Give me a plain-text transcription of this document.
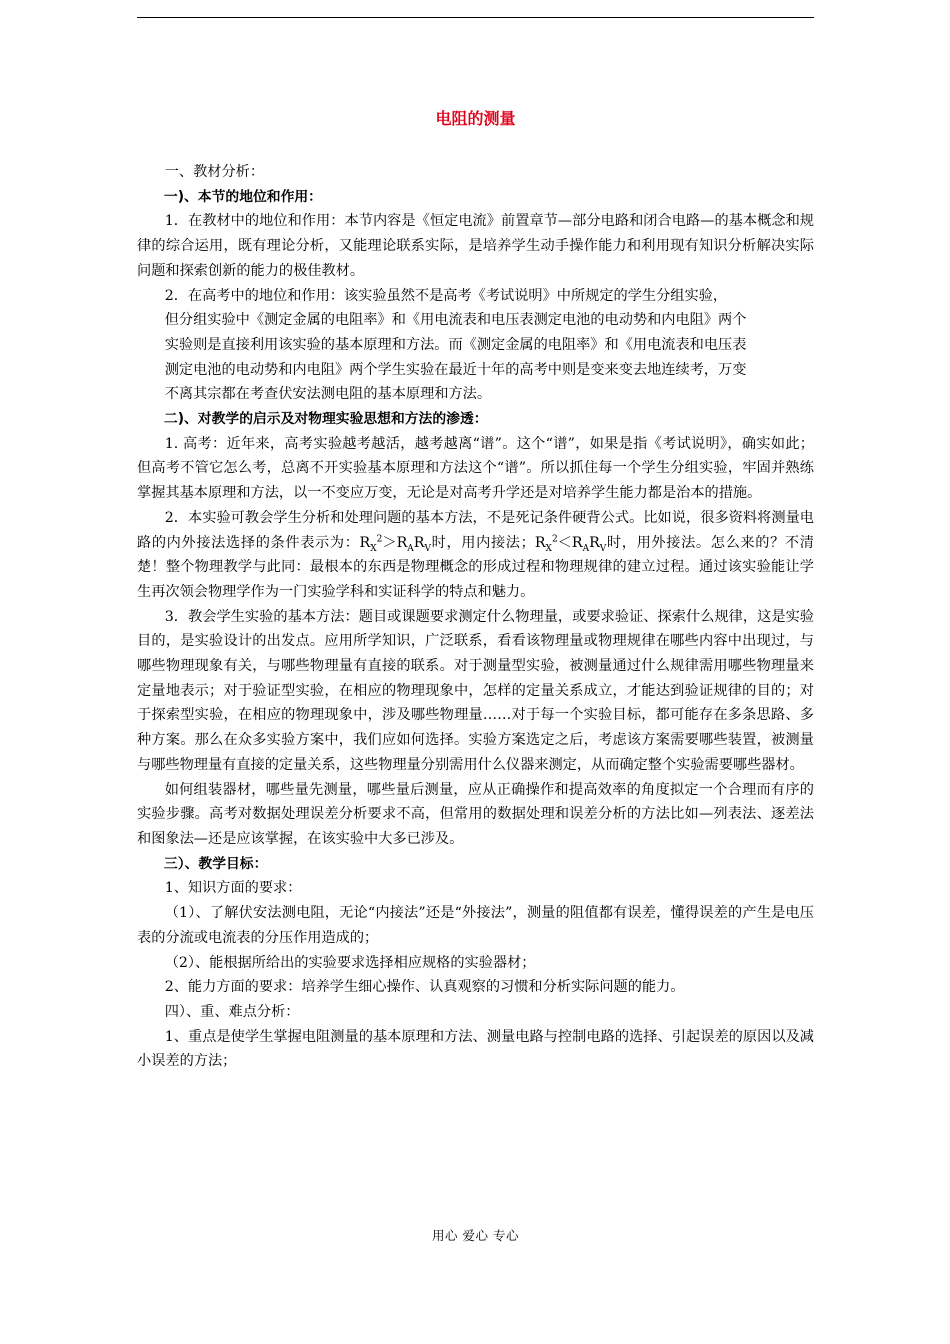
电阻的测量

一、教材分析：

一)、本节的地位和作用：

1．在教材中的地位和作用：本节内容是《恒定电流》前置章节—部分电路和闭合电路—的基本概念和规律的综合运用，既有理论分析，又能理论联系实际，是培养学生动手操作能力和利用现有知识分析解决实际问题和探索创新的能力的极佳教材。

2．在高考中的地位和作用：该实验虽然不是高考《考试说明》中所规定的学生分组实验，

但分组实验中《测定金属的电阻率》和《用电流表和电压表测定电池的电动势和内电阻》两个

实验则是直接利用该实验的基本原理和方法。而《测定金属的电阻率》和《用电流表和电压表

测定电池的电动势和内电阻》两个学生实验在最近十年的高考中则是变来变去地连续考，万变

不离其宗都在考查伏安法测电阻的基本原理和方法。

二)、对教学的启示及对物理实验思想和方法的渗透：

1. 高考：近年来，高考实验越考越活，越考越离“谱”。这个“谱”，如果是指《考试说明》，确实如此；但高考不管它怎么考，总离不开实验基本原理和方法这个“谱”。所以抓住每一个学生分组实验，牢固并熟练掌握其基本原理和方法，以一不变应万变，无论是对高考升学还是对培养学生能力都是治本的措施。

2．本实验可教会学生分析和处理问题的基本方法，不是死记条件硬背公式。比如说，很多资料将测量电路的内外接法选择的条件表示为：$R_X^2>R_AR_V$时，用内接法；$R_X^2<R_AR_V$时，用外接法。怎么来的？不清楚！整个物理教学与此同：最根本的东西是物理概念的形成过程和物理规律的建立过程。通过该实验能让学生再次领会物理学作为一门实验学科和实证科学的特点和魅力。

3．教会学生实验的基本方法：题目或课题要求测定什么物理量，或要求验证、探索什么规律，这是实验目的，是实验设计的出发点。应用所学知识，广泛联系，看看该物理量或物理规律在哪些内容中出现过，与哪些物理现象有关，与哪些物理量有直接的联系。对于测量型实验，被测量通过什么规律需用哪些物理量来定量地表示；对于验证型实验，在相应的物理现象中，怎样的定量关系成立，才能达到验证规律的目的；对于探索型实验，在相应的物理现象中，涉及哪些物理量……对于每一个实验目标，都可能存在多条思路、多种方案。那么在众多实验方案中，我们应如何选择。实验方案选定之后，考虑该方案需要哪些装置，被测量与哪些物理量有直接的定量关系，这些物理量分别需用什么仪器来测定，从而确定整个实验需要哪些器材。

如何组装器材，哪些量先测量，哪些量后测量，应从正确操作和提高效率的角度拟定一个合理而有序的实验步骤。高考对数据处理误差分析要求不高，但常用的数据处理和误差分析的方法比如—列表法、逐差法和图象法—还是应该掌握，在该实验中大多已涉及。

三）、教学目标：

1、知识方面的要求：

（1）、了解伏安法测电阻，无论“内接法”还是“外接法”，测量的阻值都有误差，懂得误差的产生是电压表的分流或电流表的分压作用造成的；

（2）、能根据所给出的实验要求选择相应规格的实验器材；

2、能力方面的要求：培养学生细心操作、认真观察的习惯和分析实际问题的能力。

四）、重、难点分析：

1、重点是使学生掌握电阻测量的基本原理和方法、测量电路与控制电路的选择、引起误差的原因以及减小误差的方法；

用心 爱心 专心
